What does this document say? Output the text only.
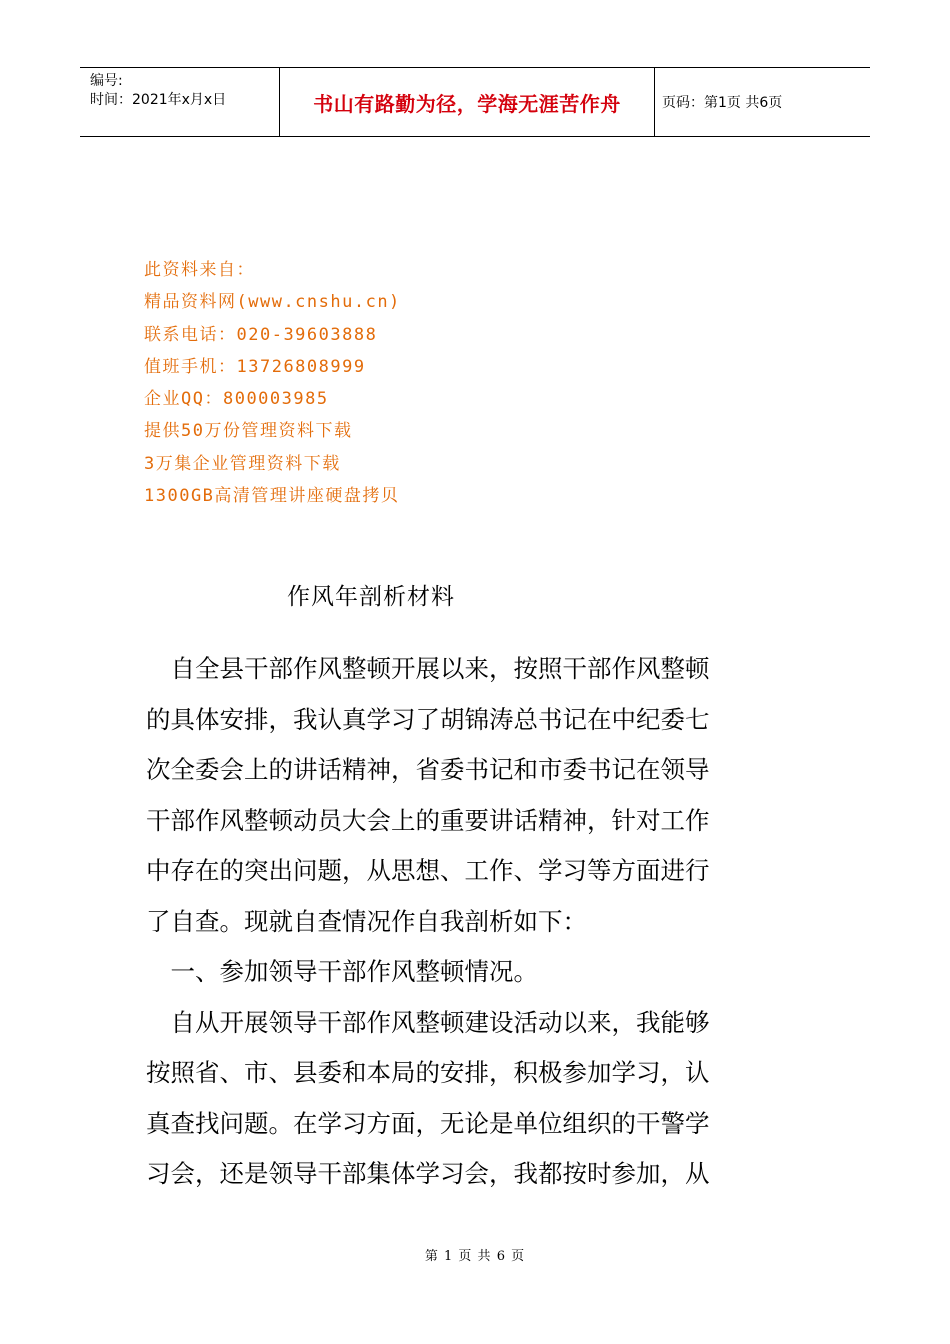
编号:
时间：2021年x月x日	书山有路勤为径，学海无涯苦作舟	页码：第1页 共6页
此资料来自：
精品资料网(www.cnshu.cn)
联系电话：020-39603888
值班手机：13726808999
企业QQ：800003985
提供50万份管理资料下载
3万集企业管理资料下载
1300GB高清管理讲座硬盘拷贝
作风年剖析材料
　自全县干部作风整顿开展以来，按照干部作风整顿
的具体安排，我认真学习了胡锦涛总书记在中纪委七
次全委会上的讲话精神，省委书记和市委书记在领导
干部作风整顿动员大会上的重要讲话精神，针对工作
中存在的突出问题，从思想、工作、学习等方面进行
了自查。现就自查情况作自我剖析如下：
　一、参加领导干部作风整顿情况。
　自从开展领导干部作风整顿建设活动以来，我能够
按照省、市、县委和本局的安排，积极参加学习，认
真查找问题。在学习方面，无论是单位组织的干警学
习会，还是领导干部集体学习会，我都按时参加，从
第 1 页 共 6 页
